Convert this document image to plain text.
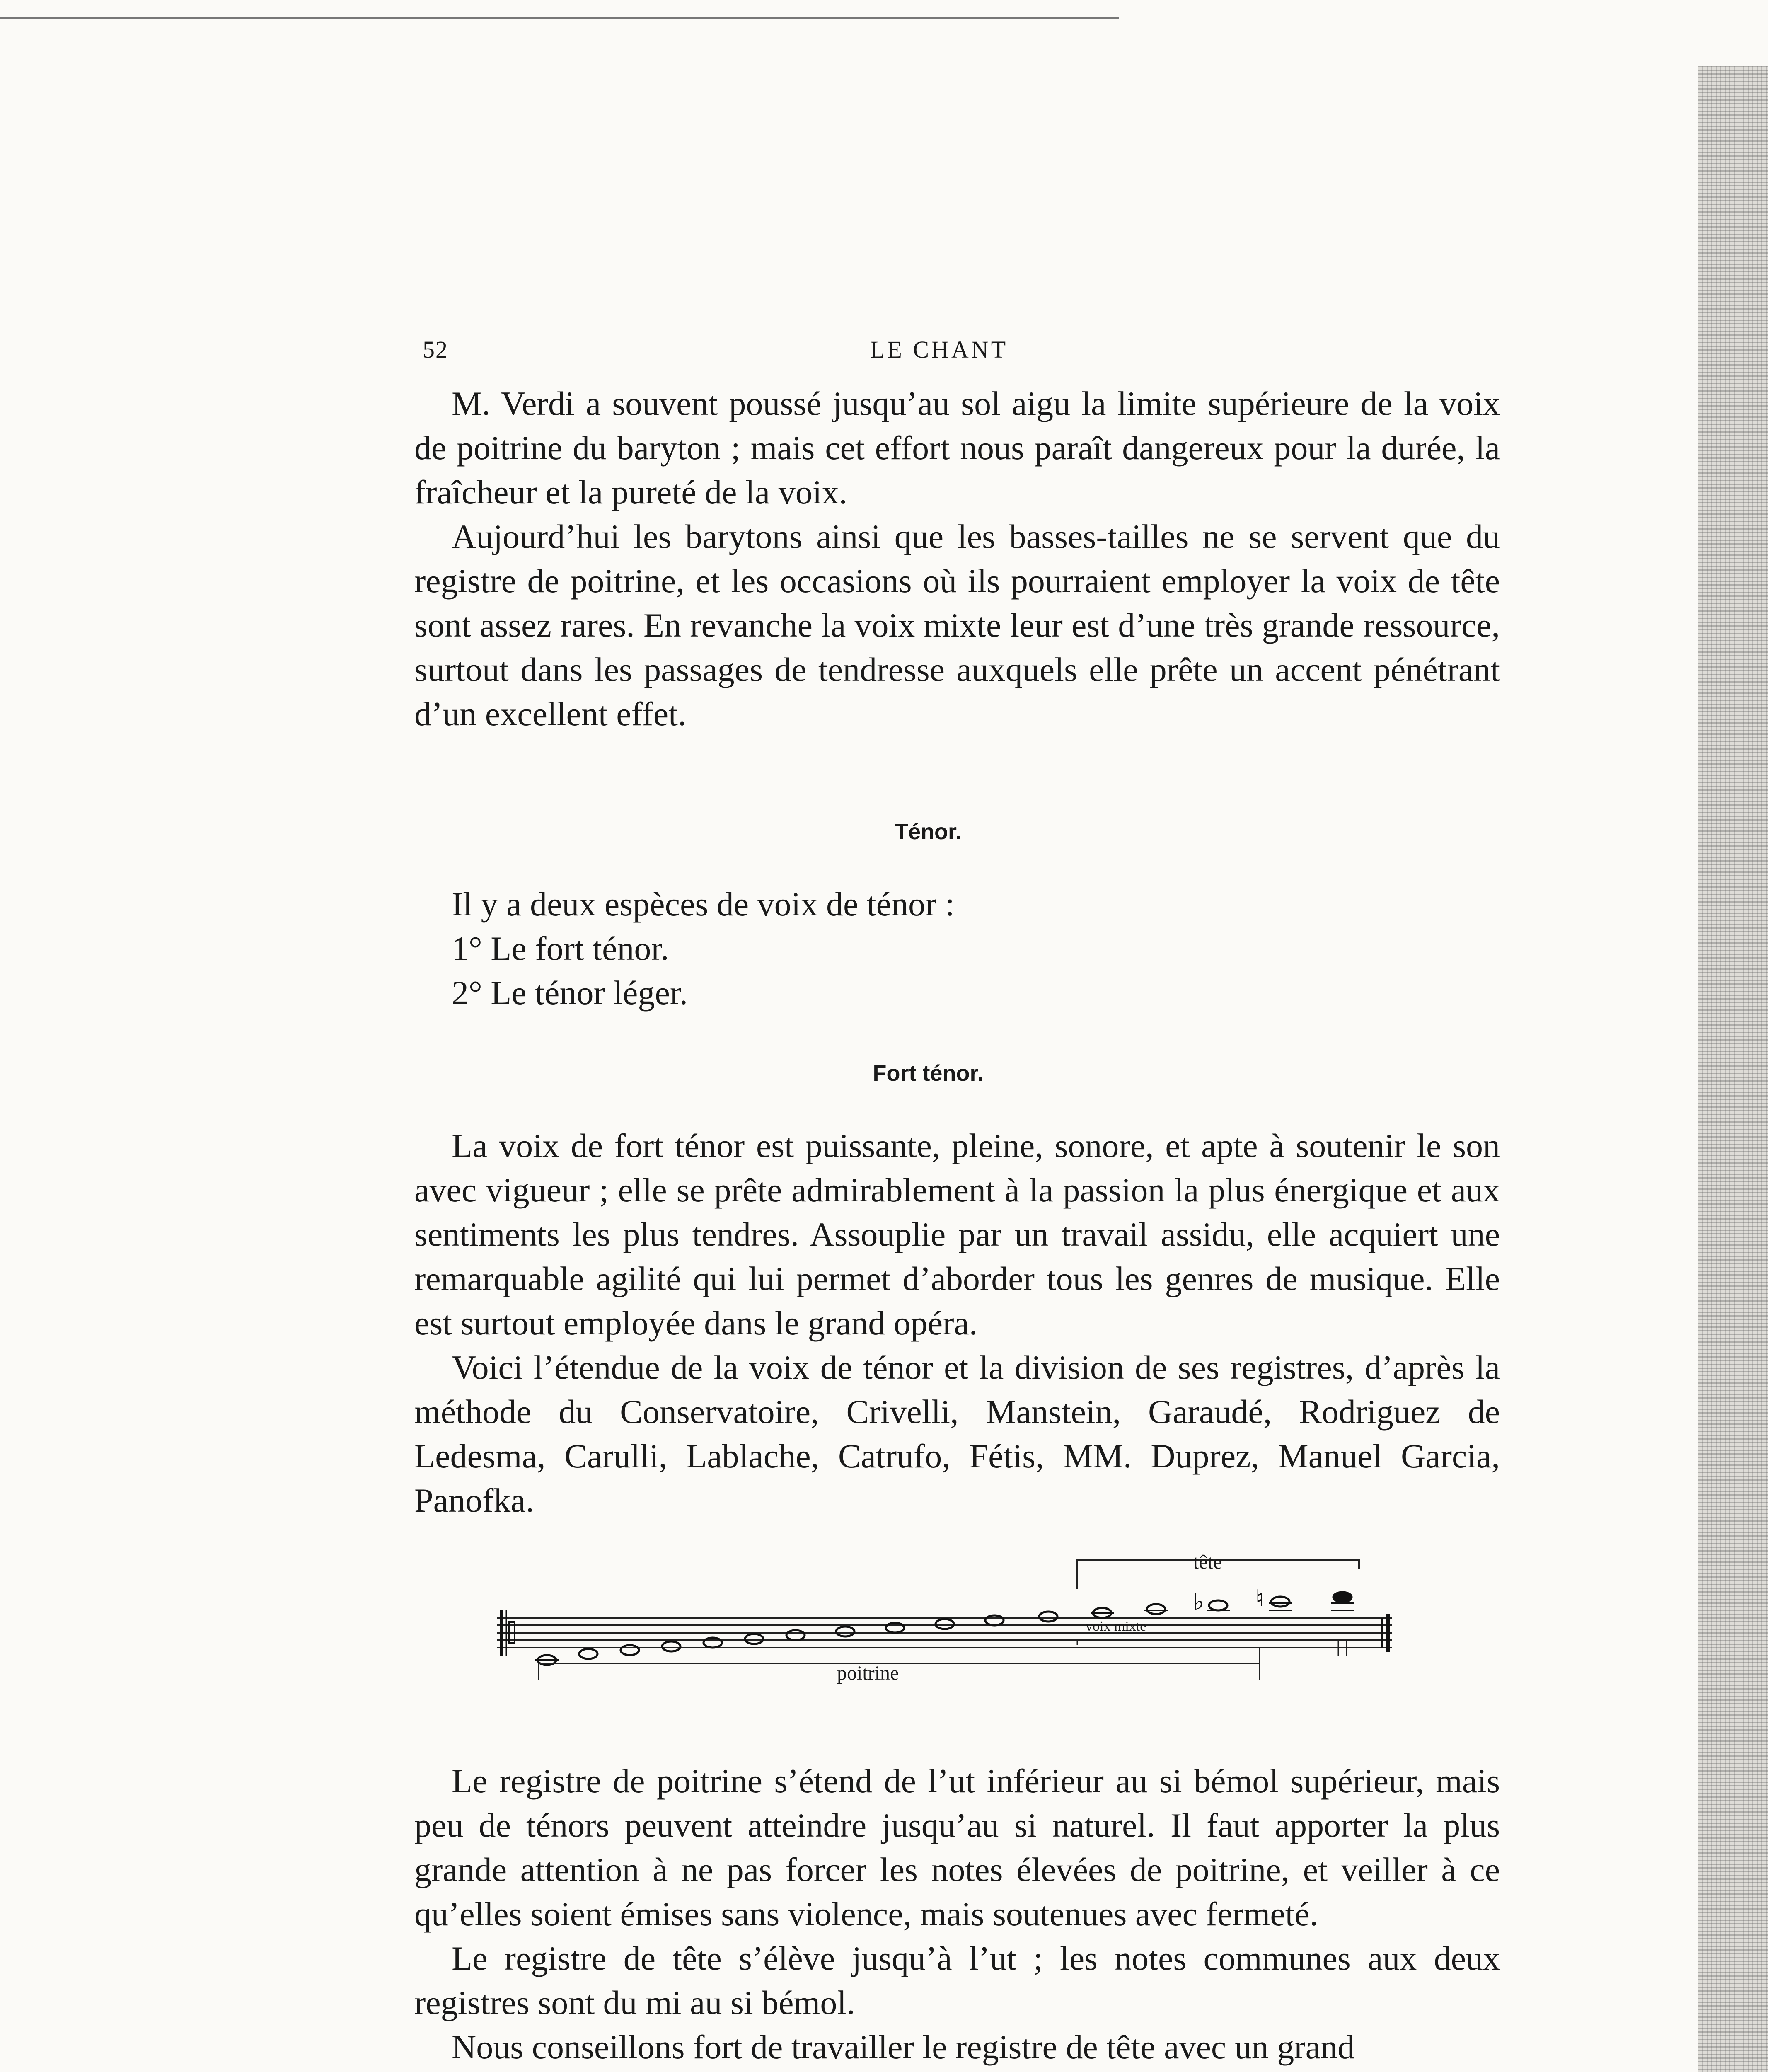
52	LE CHANT

M. Verdi a souvent poussé jusqu’au sol aigu la limite supérieure de la voix de poitrine du baryton ; mais cet effort nous paraît dangereux pour la durée, la fraîcheur et la pureté de la voix.

Aujourd’hui les barytons ainsi que les basses-tailles ne se servent que du registre de poitrine, et les occasions où ils pourraient employer la voix de tête sont assez rares. En revanche la voix mixte leur est d’une très grande ressource, surtout dans les passages de tendresse auxquels elle prête un accent pénétrant d’un excellent effet.

Ténor.

Il y a deux espèces de voix de ténor :

1° Le fort ténor.
2° Le ténor léger.
Fort ténor.

La voix de fort ténor est puissante, pleine, sonore, et apte à soutenir le son avec vigueur ; elle se prête admirablement à la passion la plus énergique et aux sentiments les plus tendres. Assouplie par un travail assidu, elle acquiert une remarquable agilité qui lui permet d’aborder tous les genres de musique. Elle est surtout employée dans le grand opéra.

Voici l’étendue de la voix de ténor et la division de ses registres, d’après la méthode du Conservatoire, Crivelli, Manstein, Garaudé, Rodriguez de Ledesma, Carulli, Lablache, Catrufo, Fétis, MM. Duprez, Manuel Garcia, Panofka.

♭ ♮
tête
voix mixte
poitrine

Le registre de poitrine s’étend de l’ut inférieur au si bémol supérieur, mais peu de ténors peuvent atteindre jusqu’au si naturel. Il faut apporter la plus grande attention à ne pas forcer les notes élevées de poitrine, et veiller à ce qu’elles soient émises sans violence, mais soutenues avec fermeté.

Le registre de tête s’élève jusqu’à l’ut ; les notes communes aux deux registres sont du mi au si bémol.

Nous conseillons fort de travailler le registre de tête avec un grand
